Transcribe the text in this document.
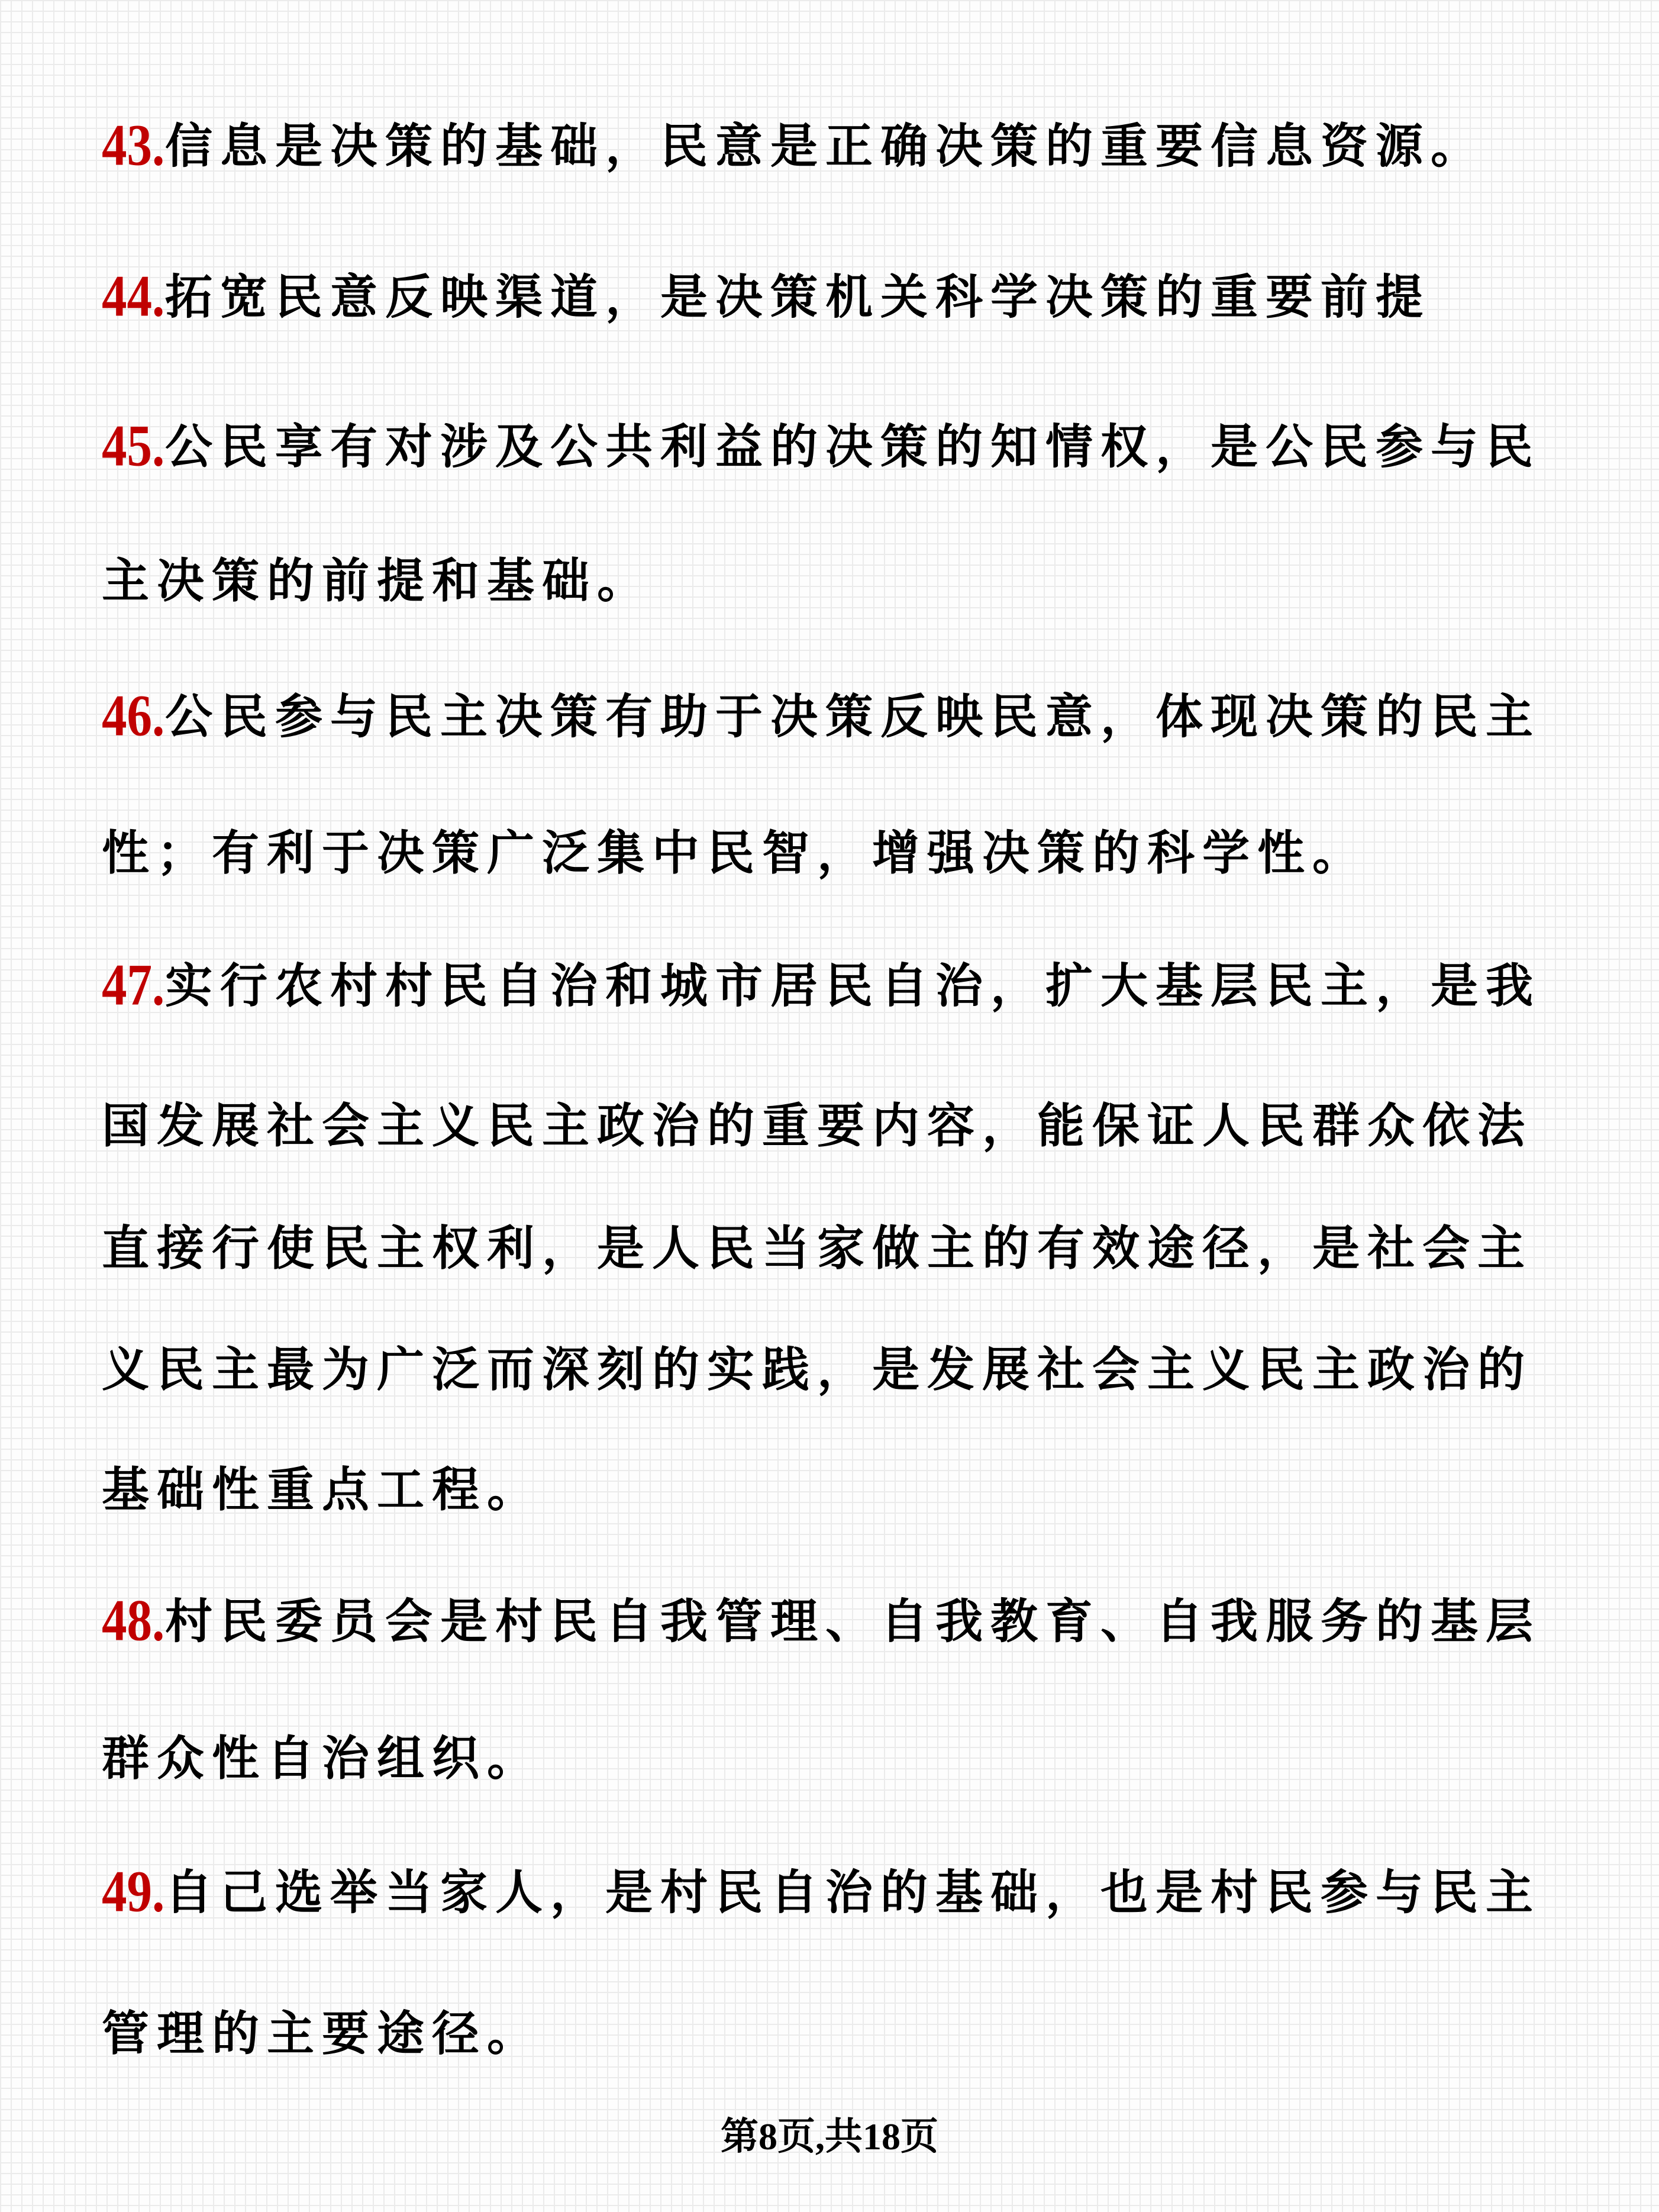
43.信息是决策的基础，民意是正确决策的重要信息资源。
44.拓宽民意反映渠道，是决策机关科学决策的重要前提
45.公民享有对涉及公共利益的决策的知情权，是公民参与民
主决策的前提和基础。
46.公民参与民主决策有助于决策反映民意，体现决策的民主
性；有利于决策广泛集中民智，增强决策的科学性。
47.实行农村村民自治和城市居民自治，扩大基层民主，是我
国发展社会主义民主政治的重要内容，能保证人民群众依法
直接行使民主权利，是人民当家做主的有效途径，是社会主
义民主最为广泛而深刻的实践，是发展社会主义民主政治的
基础性重点工程。
48.村民委员会是村民自我管理、自我教育、自我服务的基层
群众性自治组织。
49.自己选举当家人，是村民自治的基础，也是村民参与民主
管理的主要途径。
第8页,共18页
